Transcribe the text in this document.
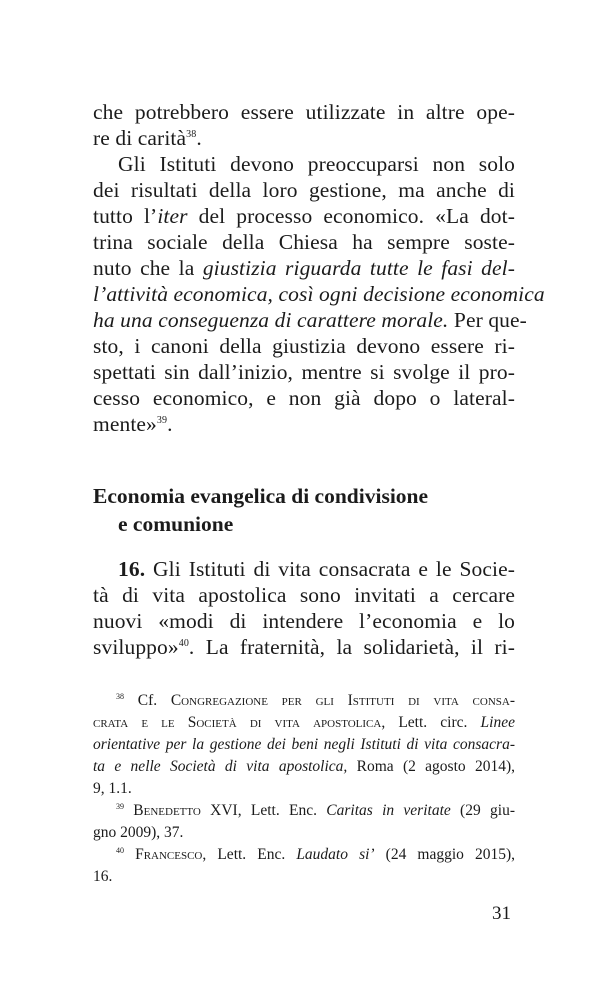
che potrebbero essere utilizzate in altre ope-
re di carità$^{38}$.
Gli Istituti devono preoccuparsi non solo
dei risultati della loro gestione, ma anche di
tutto l’iter del processo economico. «La dot-
trina sociale della Chiesa ha sempre soste-
nuto che la giustizia riguarda tutte le fasi del-
l’attività economica, così ogni decisione economica
ha una conseguenza di carattere morale. Per que-
sto, i canoni della giustizia devono essere ri-
spettati sin dall’inizio, mentre si svolge il pro-
cesso economico, e non già dopo o lateral-
mente»$^{39}$.
Economia evangelica di condivisione
e comunione
16. Gli Istituti di vita consacrata e le Socie-
tà di vita apostolica sono invitati a cercare
nuovi «modi di intendere l’economia e lo
sviluppo»$^{40}$. La fraternità, la solidarietà, il ri-
$^{38}$ Cf. Congregazione per gli Istituti di vita consa-
crata e le Società di vita apostolica, Lett. circ. Linee
orientative per la gestione dei beni negli Istituti di vita consacra-
ta e nelle Società di vita apostolica, Roma (2 agosto 2014),
9, 1.1.
$^{39}$ Benedetto XVI, Lett. Enc. Caritas in veritate (29 giu-
gno 2009), 37.
$^{40}$ Francesco, Lett. Enc. Laudato si’ (24 maggio 2015),
16.
31
